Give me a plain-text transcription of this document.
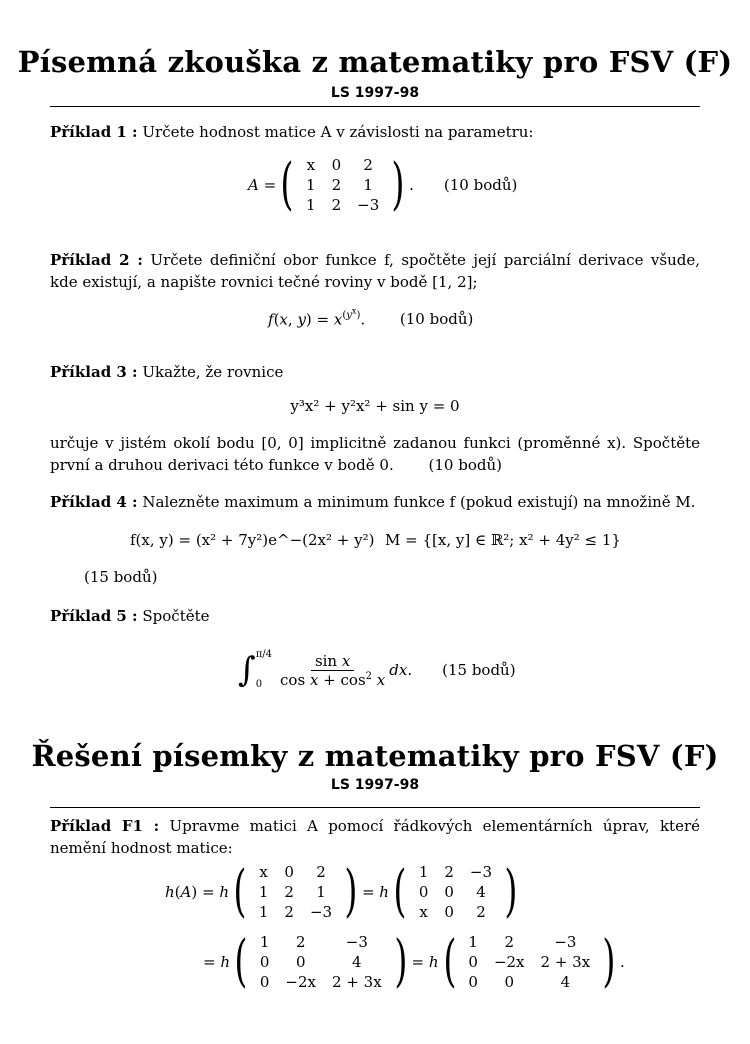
Písemná zkouška z matematiky pro FSV (F)
LS 1997-98
Příklad 1 : Určete hodnost matice A v závislosti na parametru:
A = ( x	0	2
1	2	1
1	2	−3 ) . (10 bodů)
Příklad 2 : Určete definiční obor funkce f, spočtěte její parciální derivace všude, kde existují, a napište rovnici tečné roviny v bodě [1, 2];
f(x, $y) = x^{(y^x)}$. (10 bodů)
Příklad 3 : Ukažte, že rovnice
y³x² + y²x² + sin y = 0
určuje v jistém okolí bodu [0, 0] implicitně zadanou funkci (proměnné x). Spočtěte první a druhou derivaci této funkce v bodě 0. (10 bodů)
Příklad 4 : Nalezněte maximum a minimum funkce f (pokud existují) na množině M.
f(x, y) = (x² + 7y²)e^−(2x² + y²) M = {[x, y] ∈ ℝ²; x² + 4y² ≤ 1}
(15 bodů)
Příklad 5 : Spočtěte
∫ π/4
0
sin x
$\cos x + \cos^2 x$
dx. (15 bodů)
Řešení písemky z matematiky pro FSV (F)
LS 1997-98
Příklad F1 : Upravme matici A pomocí řádkových elementárních úprav, které nemění hodnost matice:
h(A) = h ( x	0	2
1	2	1
1	2	−3 ) = h ( 1	2	−3
0	0	4
x	0	2 )
= h ( 1	2	−3
0	0	4
0	−2x	2 + 3x ) = h ( 1	2	−3
0	−2x	2 + 3x
0	0	4 ) .
